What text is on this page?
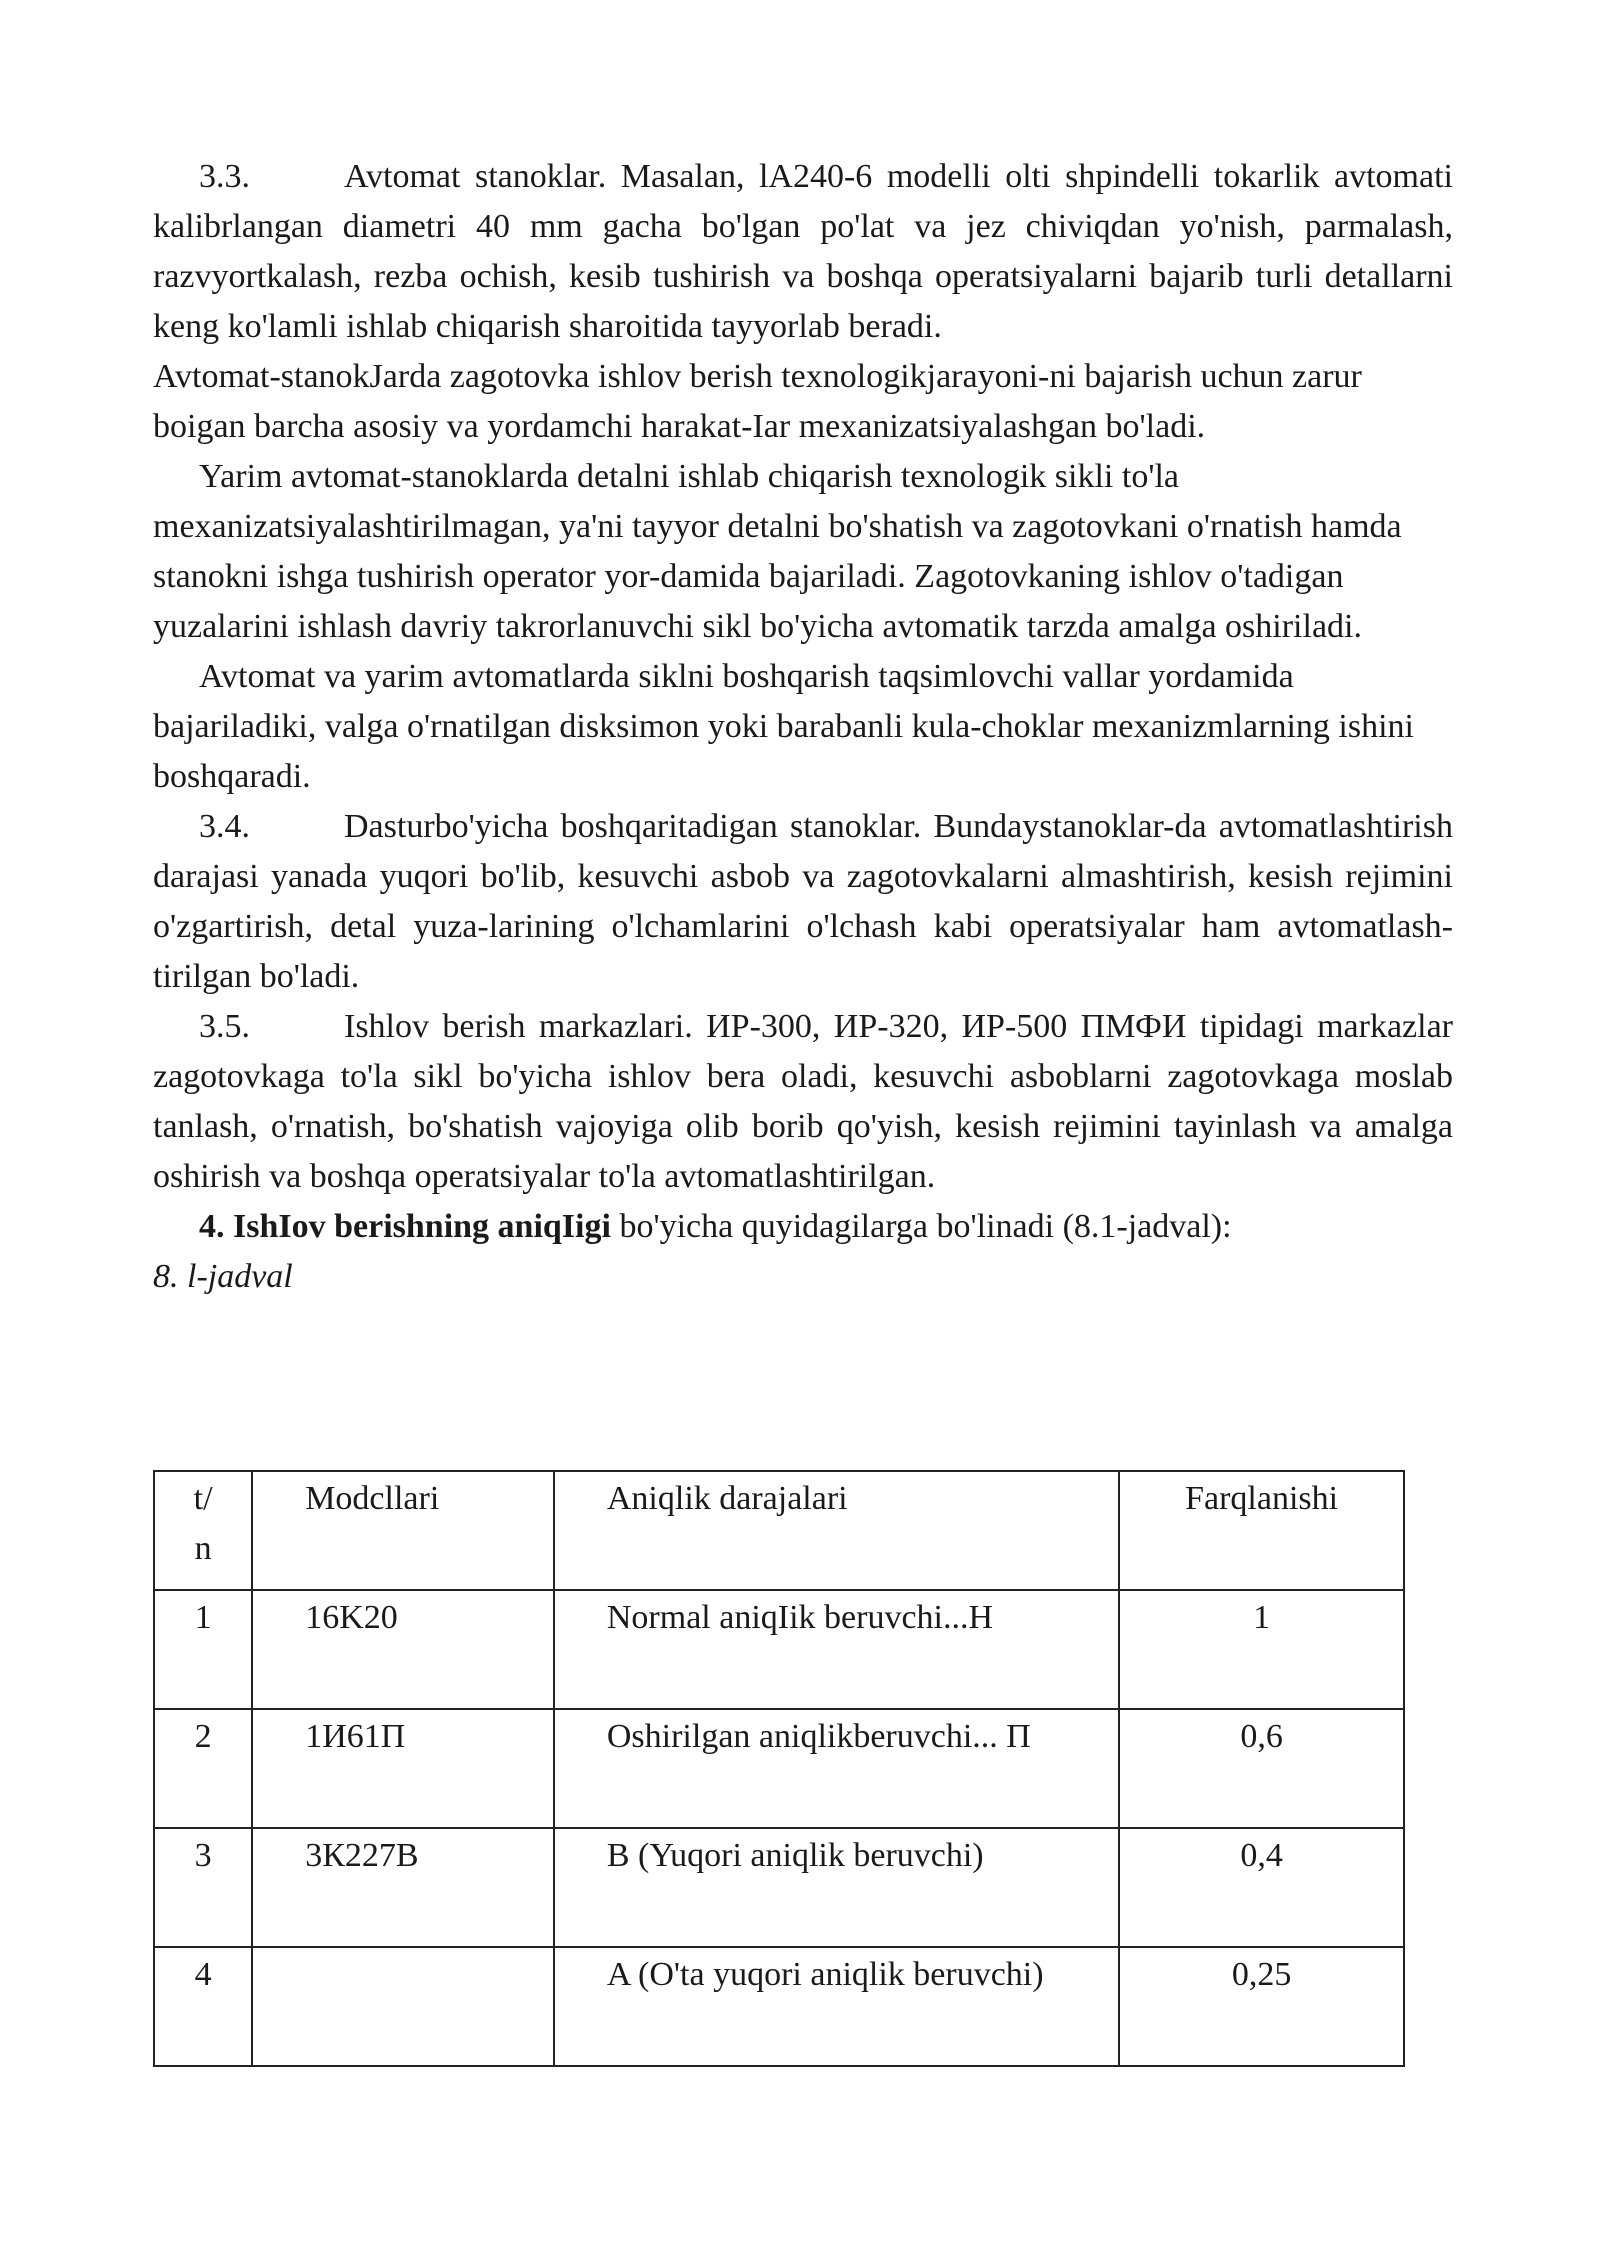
3.3.	Avtomat stanoklar. Masalan, lA240-6 modelli olti shpindelli tokarlik avtomati kalibrlangan diametri 40 mm gacha bo'lgan po'lat va jez chiviqdan yo'nish, parmalash, razvyortkalash, rezba ochish, kesib tushirish va boshqa operatsiyalarni bajarib turli detallarni keng ko'lamli ishlab chiqarish sharoitida tayyorlab beradi.

Avtomat-stanokJarda zagotovka ishlov berish texnologikjarayoni-ni bajarish uchun zarur boigan barcha asosiy va yordamchi harakat-Iar mexanizatsiyalashgan bo'ladi.

Yarim avtomat-stanoklarda detalni ishlab chiqarish texnologik sikli to'la mexanizatsiyalashtirilmagan, ya'ni tayyor detalni bo'shatish va zagotovkani o'rnatish hamda stanokni ishga tushirish operator yor-damida bajariladi. Zagotovkaning ishlov o'tadigan yuzalarini ishlash davriy takrorlanuvchi sikl bo'yicha avtomatik tarzda amalga oshiriladi.

Avtomat va yarim avtomatlarda siklni boshqarish taqsimlovchi vallar yordamida bajariladiki, valga o'rnatilgan disksimon yoki barabanli kula-choklar mexanizmlarning ishini boshqaradi.

3.4.	Dasturbo'yicha boshqaritadigan stanoklar. Bundaystanoklar-da avtomatlashtirish darajasi yanada yuqori bo'lib, kesuvchi asbob va zagotovkalarni almashtirish, kesish rejimini o'zgartirish, detal yuza-larining o'lchamlarini o'lchash kabi operatsiyalar ham avtomatlash-tirilgan bo'ladi.

3.5.	Ishlov berish markazlari. ИР-300, ИР-320, ИР-500 ПМФИ tipidagi markazlar zagotovkaga to'la sikl bo'yicha ishlov bera oladi, kesuvchi asboblarni zagotovkaga moslab tanlash, o'rnatish, bo'shatish vajoyiga olib borib qo'yish, kesish rejimini tayinlash va amalga oshirish va boshqa operatsiyalar to'la avtomatlashtirilgan.

4. IshIov berishning aniqIigi bo'yicha quyidagilarga bo'linadi (8.1-jadval):

8. l-jadval

t/
n	Modcllari	Aniqlik darajalari	Farqlanishi

1	16K20	Normal aniqIik beruvchi...H	1

2	1И61П	Oshirilgan aniqlikberuvchi... П	0,6

3	3К227В	В (Yuqori aniqlik beruvchi)	0,4

4		A (O'ta yuqori aniqlik beruvchi)	0,25
